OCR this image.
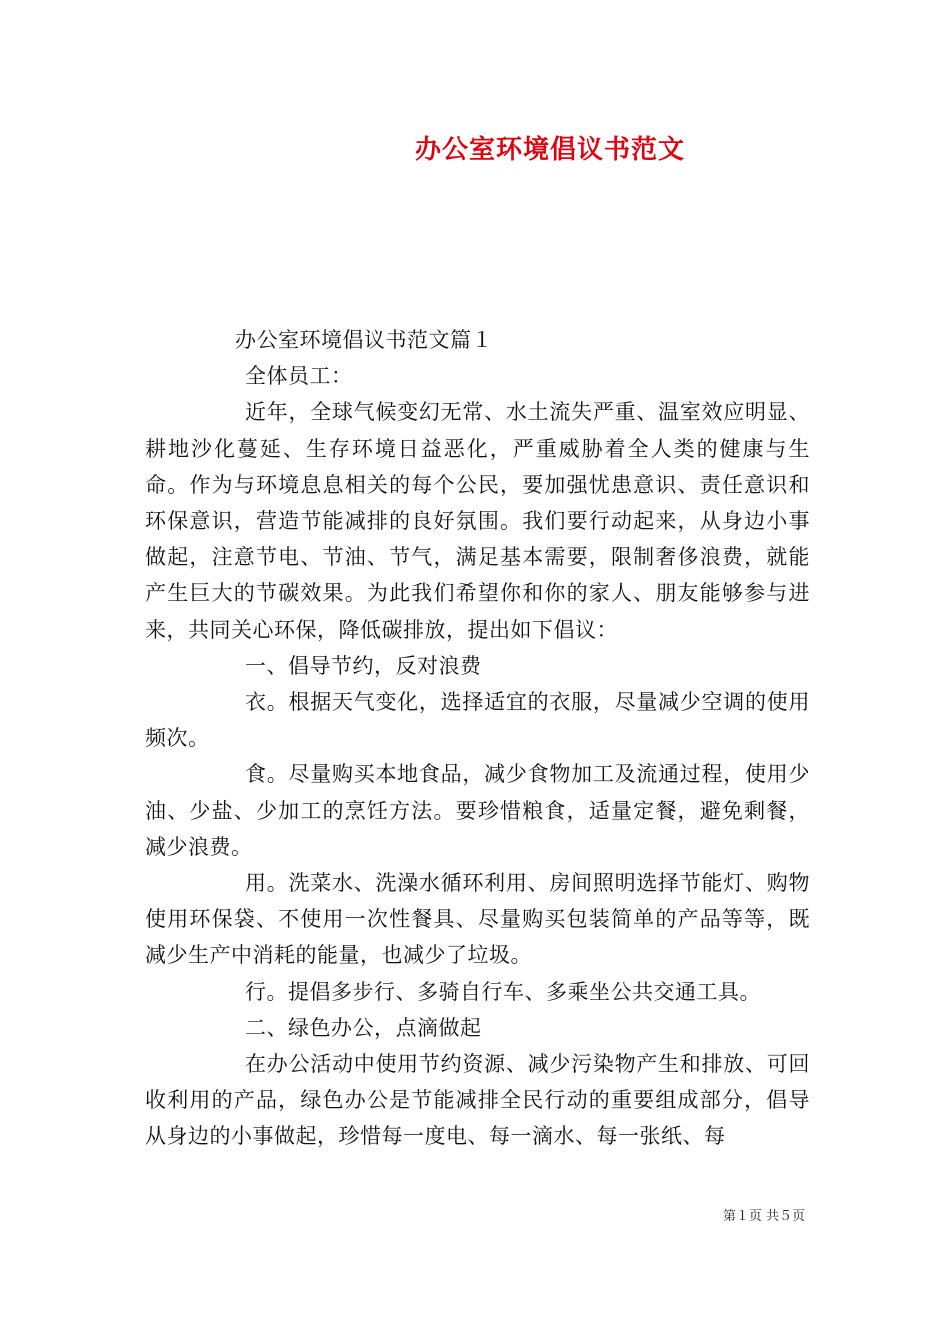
办公室环境倡议书范文

办公室环境倡议书范文篇１

全体员工：

近年，全球气候变幻无常、水土流失严重、温室效应明显、耕地沙化蔓延、生存环境日益恶化，严重威胁着全人类的健康与生命。作为与环境息息相关的每个公民，要加强忧患意识、责任意识和环保意识，营造节能减排的良好氛围。我们要行动起来，从身边小事做起，注意节电、节油、节气，满足基本需要，限制奢侈浪费，就能产生巨大的节碳效果。为此我们希望你和你的家人、朋友能够参与进来，共同关心环保，降低碳排放，提出如下倡议：

一、倡导节约，反对浪费

衣。根据天气变化，选择适宜的衣服，尽量减少空调的使用频次。

食。尽量购买本地食品，减少食物加工及流通过程，使用少油、少盐、少加工的烹饪方法。要珍惜粮食，适量定餐，避免剩餐，减少浪费。

用。洗菜水、洗澡水循环利用、房间照明选择节能灯、购物使用环保袋、不使用一次性餐具、尽量购买包装简单的产品等等，既减少生产中消耗的能量，也减少了垃圾。

行。提倡多步行、多骑自行车、多乘坐公共交通工具。

二、绿色办公，点滴做起

在办公活动中使用节约资源、减少污染物产生和排放、可回收利用的产品，绿色办公是节能减排全民行动的重要组成部分，倡导从身边的小事做起，珍惜每一度电、每一滴水、每一张纸、每

第１页 共５页
